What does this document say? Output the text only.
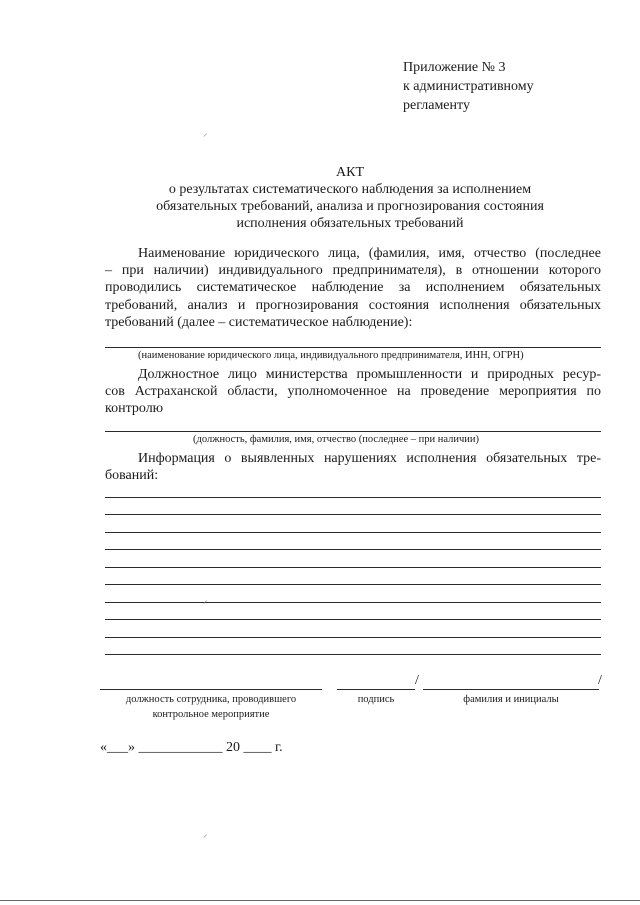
Приложение № 3
к административному
регламенту
АКТ
о результатах систематического наблюдения за исполнением
обязательных требований, анализа и прогнозирования состояния
исполнения обязательных требований
Наименование юридического лица, (фамилия, имя, отчество (последнее
– при наличии) индивидуального предпринимателя), в отношении которого
проводились систематическое наблюдение за исполнением обязательных
требований, анализ и прогнозирования состояния исполнения обязательных
требований (далее – систематическое наблюдение):
(наименование юридического лица, индивидуального предпринимателя, ИНН, ОГРН)
Должностное лицо министерства промышленности и природных ресур-
сов Астраханской области, уполномоченное на проведение мероприятия по
контролю
(должность, фамилия, имя, отчество (последнее – при наличии)
Информация о выявленных нарушениях исполнения обязательных тре-
бований:
/	/
должность сотрудника, проводившего
контрольное мероприятие
подпись	фамилия и инициалы
«___» ____________ 20 ____ г.
⸝
⸝
⸝
